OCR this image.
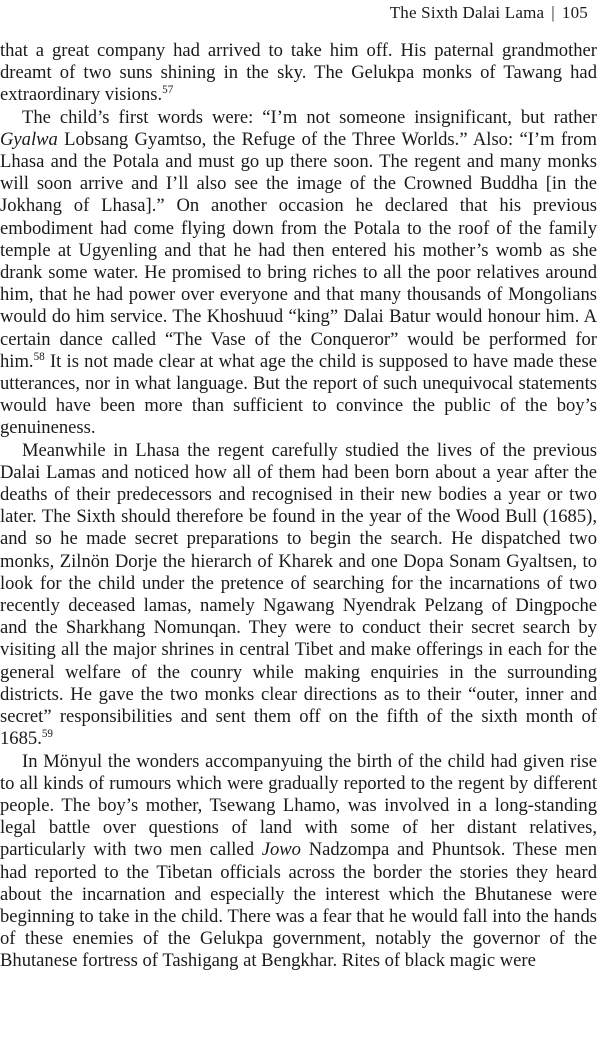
The Sixth Dalai Lama | 105

that a great company had arrived to take him off. His paternal grandmother dreamt of two suns shining in the sky. The Gelukpa monks of Tawang had extraordinary visions.$^{57}$

The child’s first words were: “I’m not someone insignificant, but rather Gyalwa Lobsang Gyamtso, the Refuge of the Three Worlds.” Also: “I’m from Lhasa and the Potala and must go up there soon. The regent and many monks will soon arrive and I’ll also see the image of the Crowned Buddha [in the Jokhang of Lhasa].” On another occasion he declared that his previous embodiment had come flying down from the Potala to the roof of the family temple at Ugyenling and that he had then entered his mother’s womb as she drank some water. He promised to bring riches to all the poor relatives around him, that he had power over everyone and that many thousands of Mongolians would do him service. The Khoshuud “king” Dalai Batur would honour him. A certain dance called “The Vase of the Conqueror” would be performed for him.$^{58}$ It is not made clear at what age the child is supposed to have made these utterances, nor in what language. But the report of such unequivocal statements would have been more than sufficient to convince the public of the boy’s genuineness.

Meanwhile in Lhasa the regent carefully studied the lives of the previous Dalai Lamas and noticed how all of them had been born about a year after the deaths of their predecessors and recognised in their new bodies a year or two later. The Sixth should therefore be found in the year of the Wood Bull (1685), and so he made secret preparations to begin the search. He dispatched two monks, Zilnön Dorje the hierarch of Kharek and one Dopa Sonam Gyaltsen, to look for the child under the pretence of searching for the incarnations of two recently deceased lamas, namely Ngawang Nyendrak Pelzang of Dingpoche and the Sharkhang Nomunqan. They were to conduct their secret search by visiting all the major shrines in central Tibet and make offerings in each for the general welfare of the counry while making enquiries in the surrounding districts. He gave the two monks clear directions as to their “outer, inner and secret” responsibilities and sent them off on the fifth of the sixth month of 1685.59

In Mönyul the wonders accompanyuing the birth of the child had given rise to all kinds of rumours which were gradually reported to the regent by different people. The boy’s mother, Tsewang Lhamo, was involved in a long-standing legal battle over questions of land with some of her distant relatives, particularly with two men called Jowo Nadzompa and Phuntsok. These men had reported to the Tibetan officials across the border the stories they heard about the incarnation and especially the interest which the Bhutanese were beginning to take in the child. There was a fear that he would fall into the hands of these enemies of the Gelukpa government, notably the governor of the Bhutanese fortress of Tashigang at Bengkhar. Rites of black magic were
